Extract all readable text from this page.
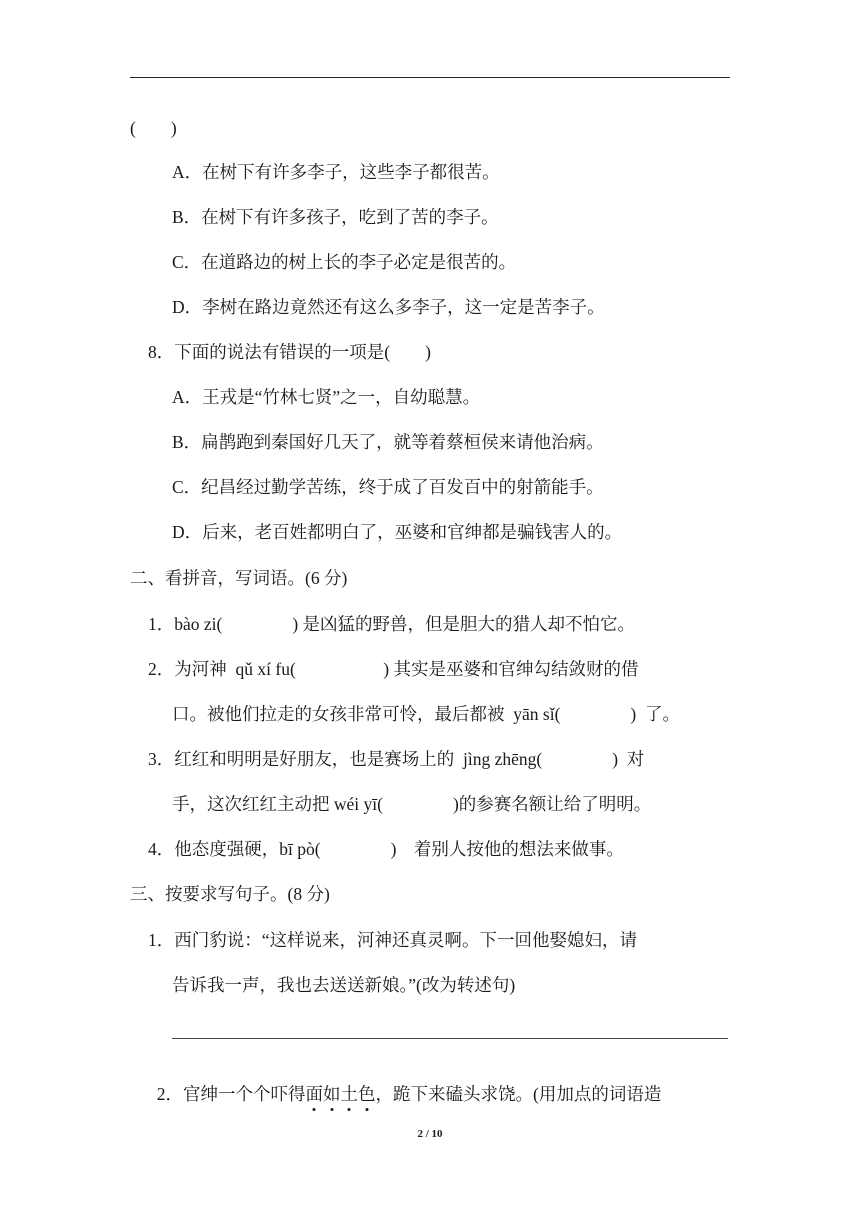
(　　)
A．在树下有许多李子，这些李子都很苦。
B．在树下有许多孩子，吃到了苦的李子。
C．在道路边的树上长的李子必定是很苦的。
D．李树在路边竟然还有这么多李子，这一定是苦李子。
8．下面的说法有错误的一项是(　　)
A．王戎是“竹林七贤”之一，自幼聪慧。
B．扁鹊跑到秦国好几天了，就等着蔡桓侯来请他治病。
C．纪昌经过勤学苦练，终于成了百发百中的射箭能手。
D．后来，老百姓都明白了，巫婆和官绅都是骗钱害人的。
二、看拼音，写词语。(6 分)
1．bào zi(　　　　) 是凶猛的野兽，但是胆大的猎人却不怕它。
2．为河神  qǔ xí fu(　　　　　) 其实是巫婆和官绅勾结敛财的借
口。被他们拉走的女孩非常可怜，最后都被  yān sǐ(　　　　)  了。
3．红红和明明是好朋友，也是赛场上的  jìng zhēng(　　　　)  对
手，这次红红主动把 wéi yī(　　　　)的参赛名额让给了明明。
4．他态度强硬，bī pò(　　　　)　着别人按他的想法来做事。
三、按要求写句子。(8 分)
1．西门豹说：“这样说来，河神还真灵啊。下一回他娶媳妇，请
告诉我一声，我也去送送新娘。”(改为转述句)

2．官绅一个个吓得面如土色，跪下来磕头求饶。(用加点的词语造

2 / 10
